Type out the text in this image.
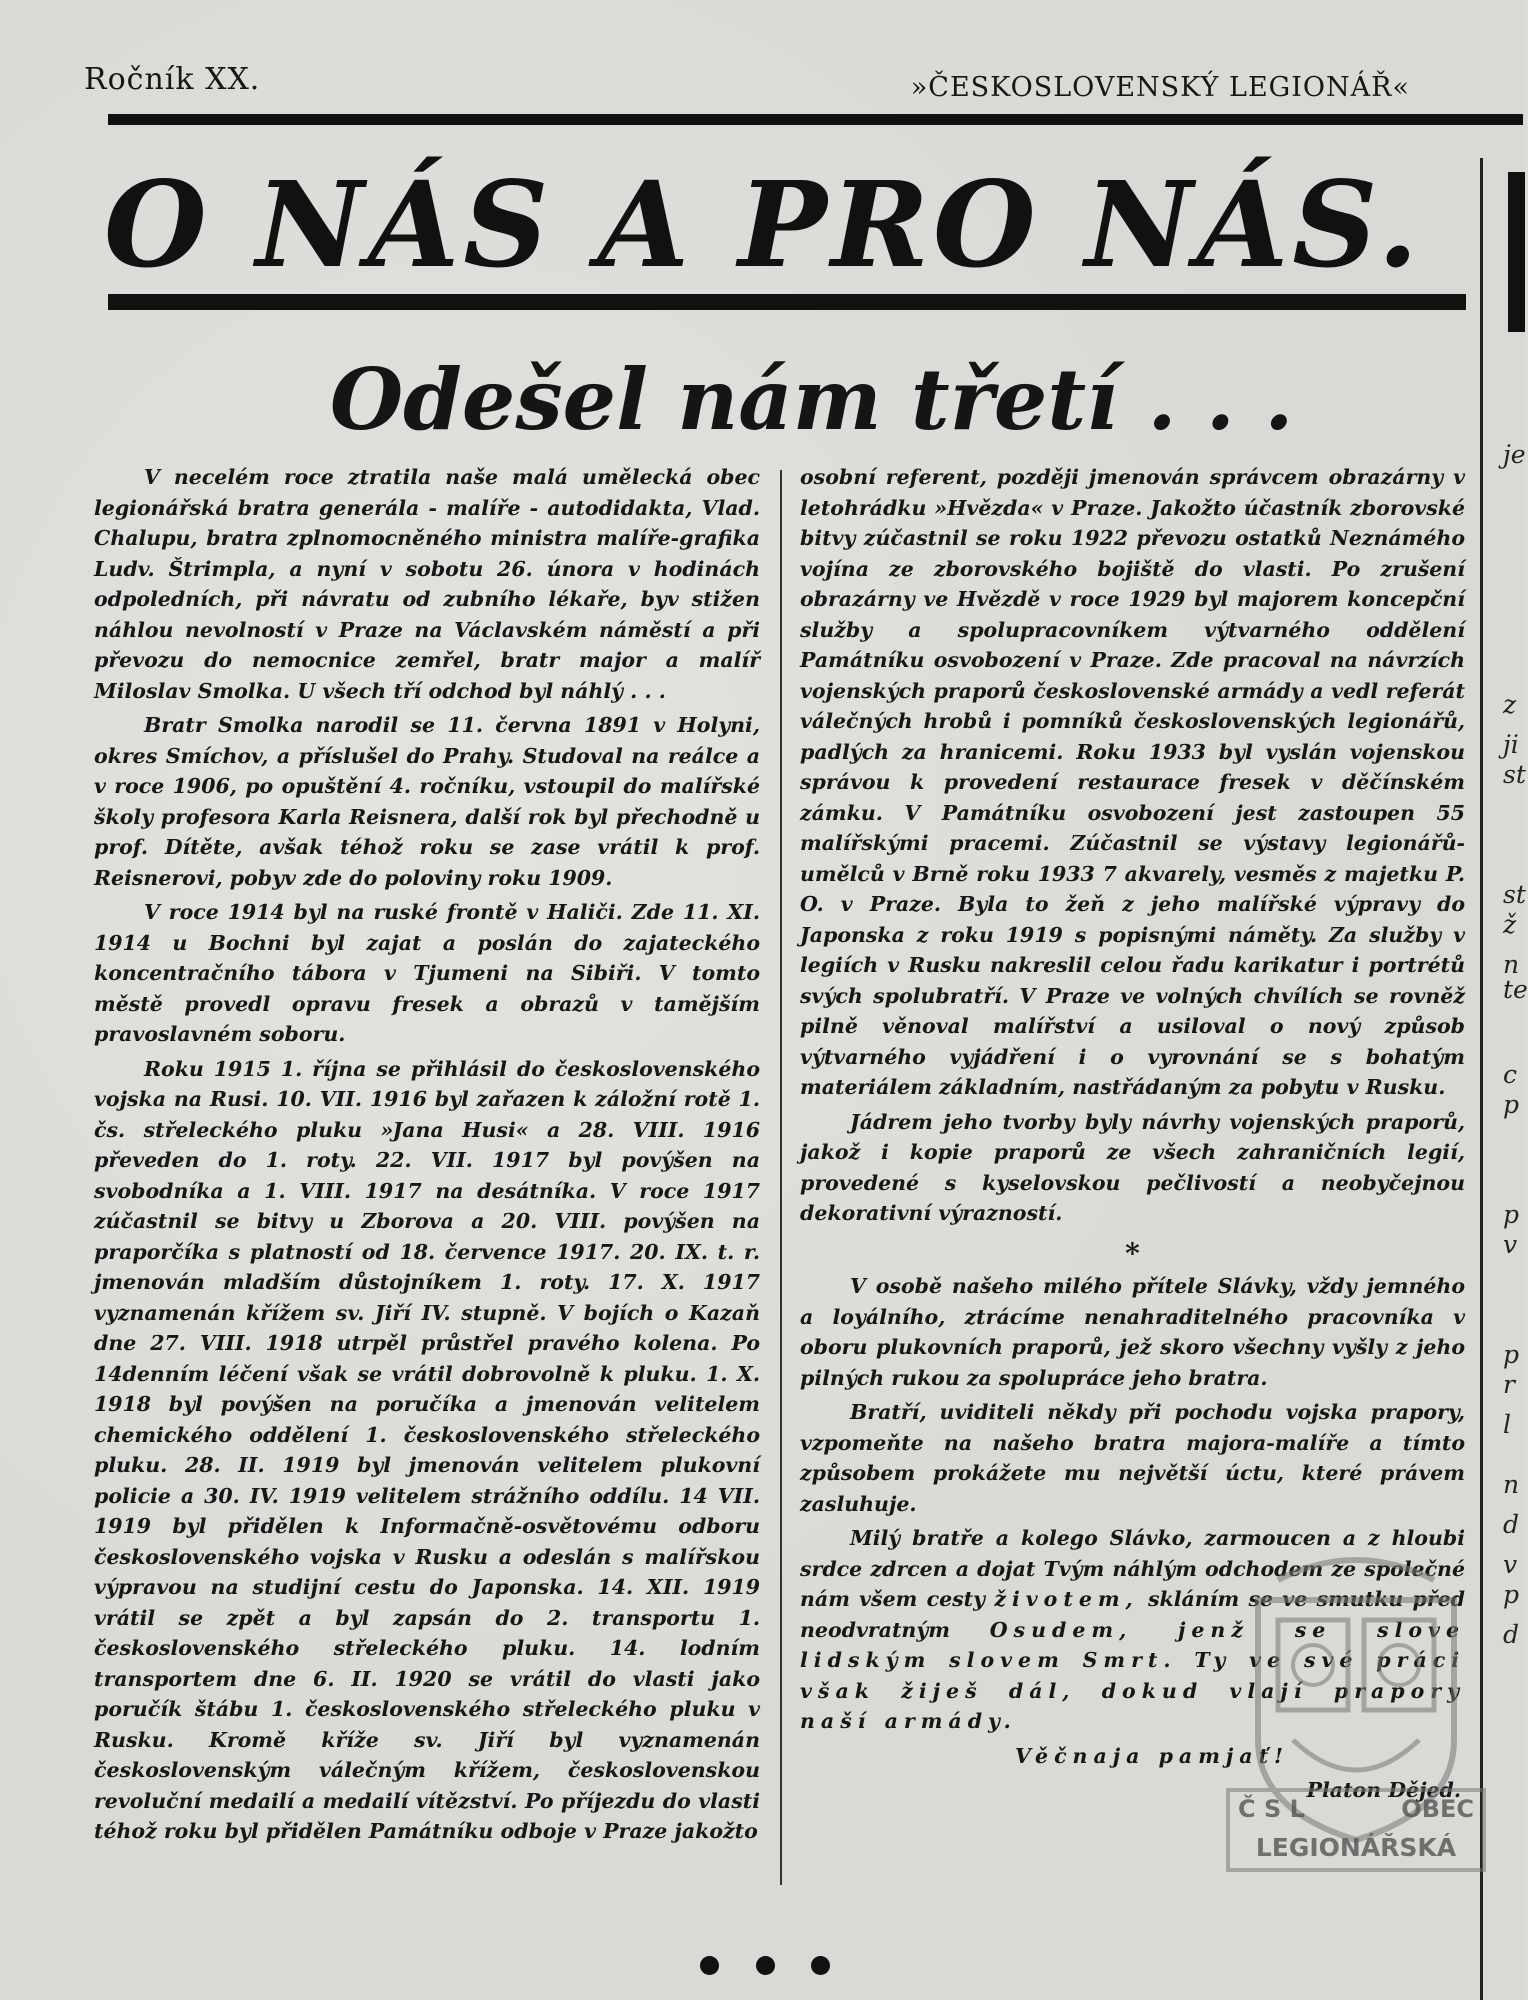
Ročník XX.	»ČESKOSLOVENSKÝ LEGIONÁŘ«
O NÁS A PRO NÁS.
Odešel nám třetí . . .

V necelém roce ztratila naše malá umělecká obec legionářská bratra generála - malíře - autodidakta, Vlad. Chalupu, bratra zplnomocněného ministra malíře-grafika Ludv. Štrimpla, a nyní v sobotu 26. února v hodinách odpoledních, při návratu od zubního lékaře, byv stižen náhlou nevolností v Praze na Václavském náměstí a při převozu do nemocnice zemřel, bratr major a malíř Miloslav Smolka. U všech tří odchod byl náhlý . . .

Bratr Smolka narodil se 11. června 1891 v Holyni, okres Smíchov, a příslušel do Prahy. Studoval na reálce a v roce 1906, po opuštění 4. ročníku, vstoupil do malířské školy profesora Karla Reisnera, další rok byl přechodně u prof. Dítěte, avšak téhož roku se zase vrátil k prof. Reisnerovi, pobyv zde do poloviny roku 1909.

V roce 1914 byl na ruské frontě v Haliči. Zde 11. XI. 1914 u Bochni byl zajat a poslán do zajateckého koncentračního tábora v Tjumeni na Sibiři. V tomto městě provedl opravu fresek a obrazů v tamějším pravoslavném soboru.

Roku 1915 1. října se přihlásil do československého vojska na Rusi. 10. VII. 1916 byl zařazen k záložní rotě 1. čs. střeleckého pluku »Jana Husi« a 28. VIII. 1916 převeden do 1. roty. 22. VII. 1917 byl povýšen na svobodníka a 1. VIII. 1917 na desátníka. V roce 1917 zúčastnil se bitvy u Zborova a 20. VIII. povýšen na praporčíka s platností od 18. července 1917. 20. IX. t. r. jmenován mladším důstojníkem 1. roty. 17. X. 1917 vyznamenán křížem sv. Jiří IV. stupně. V bojích o Kazaň dne 27. VIII. 1918 utrpěl průstřel pravého kolena. Po 14denním léčení však se vrátil dobrovolně k pluku. 1. X. 1918 byl povýšen na poručíka a jmenován velitelem chemického oddělení 1. československého střeleckého pluku. 28. II. 1919 byl jmenován velitelem plukovní policie a 30. IV. 1919 velitelem strážního oddílu. 14 VII. 1919 byl přidělen k Informačně-osvětovému odboru československého vojska v Rusku a odeslán s malířskou výpravou na studijní cestu do Japonska. 14. XII. 1919 vrátil se zpět a byl zapsán do 2. transportu 1. československého střeleckého pluku. 14. lodním transportem dne 6. II. 1920 se vrátil do vlasti jako poručík štábu 1. československého střeleckého pluku v Rusku. Kromě kříže sv. Jiří byl vyznamenán československým válečným křížem, československou revoluční medailí a medailí vítězství. Po příjezdu do vlasti téhož roku byl přidělen Památníku odboje v Praze jakožto

osobní referent, později jmenován správcem obrazárny v letohrádku »Hvězda« v Praze. Jakožto účastník zborovské bitvy zúčastnil se roku 1922 převozu ostatků Neznámého vojína ze zborovského bojiště do vlasti. Po zrušení obrazárny ve Hvězdě v roce 1929 byl majorem koncepční služby a spolupracovníkem výtvarného oddělení Památníku osvobození v Praze. Zde pracoval na návrzích vojenských praporů československé armády a vedl referát válečných hrobů i pomníků československých legionářů, padlých za hranicemi. Roku 1933 byl vyslán vojenskou správou k provedení restaurace fresek v děčínském zámku. V Památníku osvobození jest zastoupen 55 malířskými pracemi. Zúčastnil se výstavy legionářů-umělců v Brně roku 1933 7 akvarely, vesměs z majetku P. O. v Praze. Byla to žeň z jeho malířské výpravy do Japonska z roku 1919 s popisnými náměty. Za služby v legiích v Rusku nakreslil celou řadu karikatur i portrétů svých spolubratří. V Praze ve volných chvílích se rovněž pilně věnoval malířství a usiloval o nový způsob výtvarného vyjádření i o vyrovnání se s bohatým materiálem základním, nastřádaným za pobytu v Rusku.

Jádrem jeho tvorby byly návrhy vojenských praporů, jakož i kopie praporů ze všech zahraničních legií, provedené s kyselovskou pečlivostí a neobyčejnou dekorativní výrazností.

*

V osobě našeho milého přítele Slávky, vždy jemného a loyálního, ztrácíme nenahraditelného pracovníka v oboru plukovních praporů, jež skoro všechny vyšly z jeho pilných rukou za spolupráce jeho bratra.

Bratří, uviditeli někdy při pochodu vojska prapory, vzpomeňte na našeho bratra majora-malíře a tímto způsobem prokážete mu největší úctu, které právem zasluhuje.

Milý bratře a kolego Slávko, zarmoucen a z hloubi srdce zdrcen a dojat Tvým náhlým odchodem ze společné nám všem cesty životem, skláním se ve smutku před neodvratným Osudem, jenž se slove lidským slovem Smrt. Ty ve své práci však žiješ dál, dokud vlají prapory naší armády.

Věčnaja pamjať!

Platon Dějed.
Č S L	OBEC
LEGIONÁŘSKÁ
je
z
ji
st
st
ž
n
te
c
p
p
v
p
r
l
n
d
v
p
d
